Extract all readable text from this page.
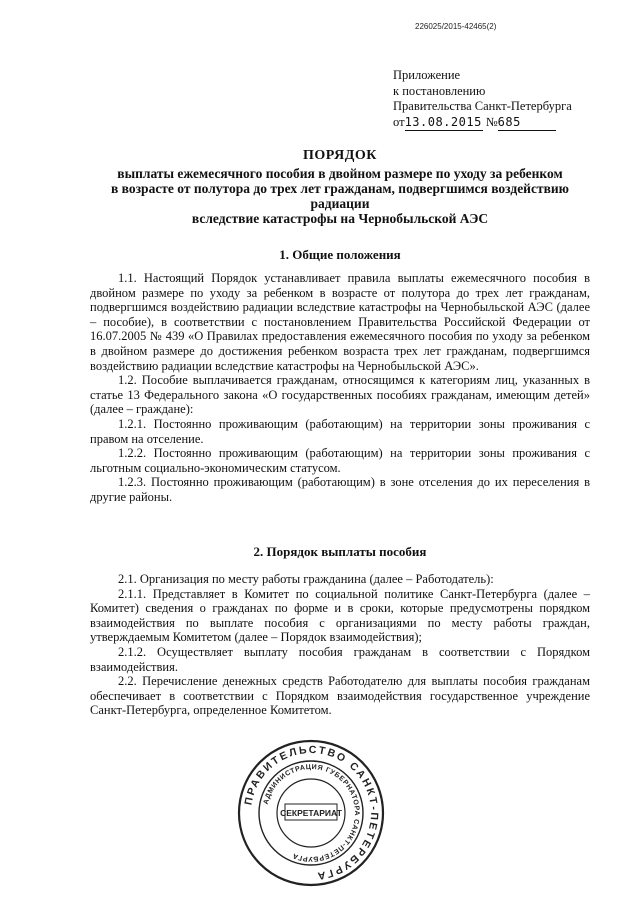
226025/2015-42465(2)
Приложение
к постановлению
Правительства Санкт-Петербурга
от13.08.2015 №685
ПОРЯДОК
выплаты ежемесячного пособия в двойном размере по уходу за ребенком
в возрасте от полутора до трех лет гражданам, подвергшимся воздействию радиации
вследствие катастрофы на Чернобыльской АЭС
1. Общие положения

1.1. Настоящий Порядок устанавливает правила выплаты ежемесячного пособия в двойном размере по уходу за ребенком в возрасте от полутора до трех лет гражданам, подвергшимся воздействию радиации вследствие катастрофы на Чернобыльской АЭС (далее – пособие), в соответствии с постановлением Правительства Российской Федерации от 16.07.2005 № 439 «О Правилах предоставления ежемесячного пособия по уходу за ребенком в двойном размере до достижения ребенком возраста трех лет гражданам, подвергшимся воздействию радиации вследствие катастрофы на Чернобыльской АЭС».

1.2. Пособие выплачивается гражданам, относящимся к категориям лиц, указанных в статье 13 Федерального закона «О государственных пособиях гражданам, имеющим детей» (далее – граждане):

1.2.1. Постоянно проживающим (работающим) на территории зоны проживания с правом на отселение.

1.2.2. Постоянно проживающим (работающим) на территории зоны проживания с льготным социально-экономическим статусом.

1.2.3. Постоянно проживающим (работающим) в зоне отселения до их переселения в другие районы.

2. Порядок выплаты пособия

2.1. Организация по месту работы гражданина (далее – Работодатель):

2.1.1. Представляет в Комитет по социальной политике Санкт-Петербурга (далее – Комитет) сведения о гражданах по форме и в сроки, которые предусмотрены порядком взаимодействия по выплате пособия с организациями по месту работы граждан, утверждаемым Комитетом (далее – Порядок взаимодействия);

2.1.2. Осуществляет выплату пособия гражданам в соответствии с Порядком взаимодействия.

2.2. Перечисление денежных средств Работодателю для выплаты пособия гражданам обеспечивает в соответствии с Порядком взаимодействия государственное учреждение Санкт-Петербурга, определенное Комитетом.

ПРАВИТЕЛЬСТВО САНКТ-ПЕТЕРБУРГА
АДМИНИСТРАЦИЯ ГУБЕРНАТОРА САНКТ-ПЕТЕРБУРГА
СЕКРЕТАРИАТ
